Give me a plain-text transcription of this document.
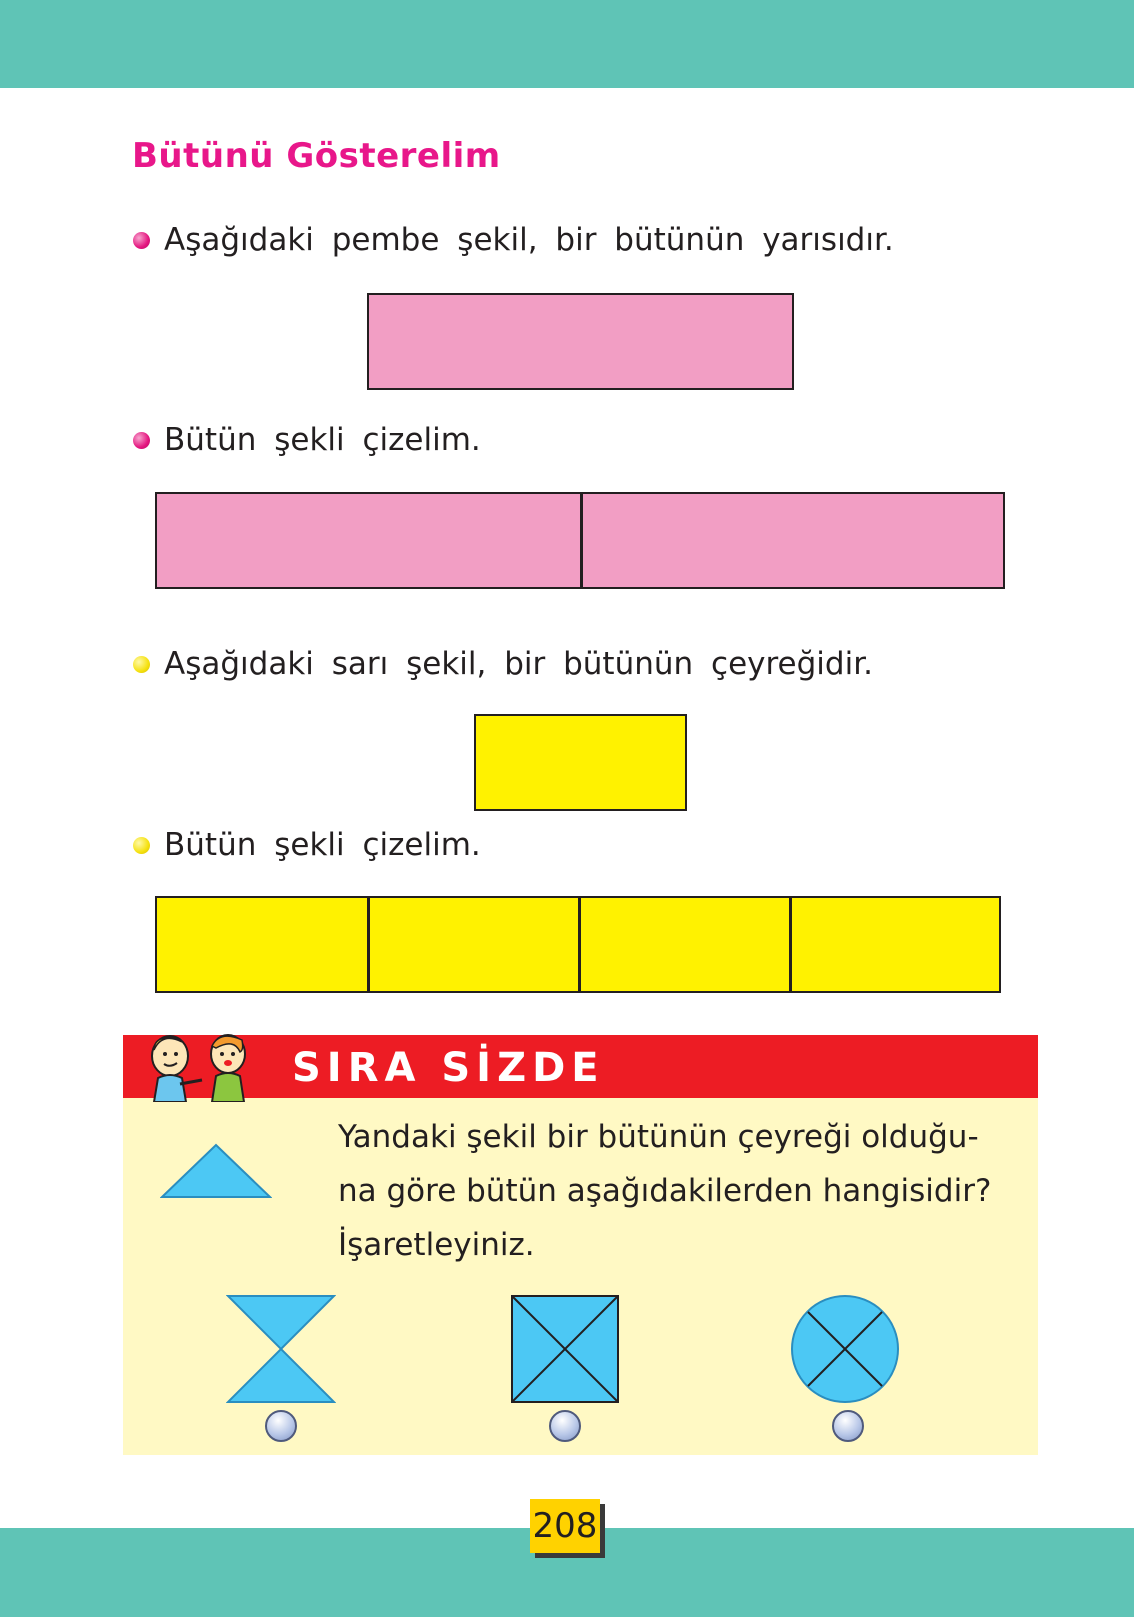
Bütünü Gösterelim
Aşağıdaki pembe şekil, bir bütünün yarısıdır.
Bütün şekli çizelim.
Aşağıdaki sarı şekil, bir bütünün çeyreğidir.
Bütün şekli çizelim.
SIRA SİZDE
Yandaki şekil bir bütünün çeyreği olduğu-
na göre bütün aşağıdakilerden hangisidir?
İşaretleyiniz.
208
